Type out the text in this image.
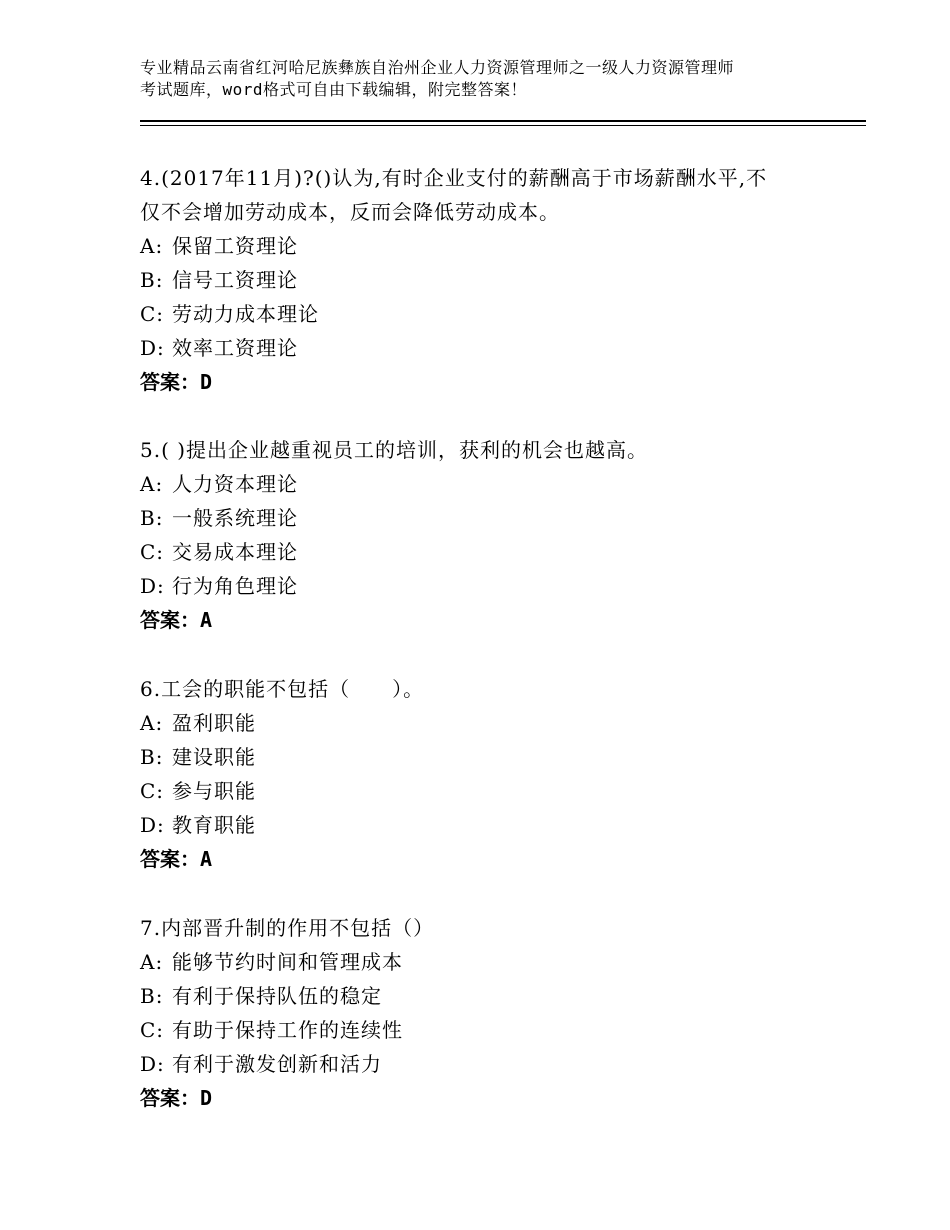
专业精品云南省红河哈尼族彝族自治州企业人力资源管理师之一级人力资源管理师
考试题库，word格式可自由下载编辑，附完整答案！
4.(2017年11月)?()认为,有时企业支付的薪酬高于市场薪酬水平,不
仅不会增加劳动成本，反而会降低劳动成本。
A: 保留工资理论
B: 信号工资理论
C: 劳动力成本理论
D: 效率工资理论
答案：D
5.( )提出企业越重视员工的培训，获利的机会也越高。
A: 人力资本理论
B: 一般系统理论
C: 交易成本理论
D: 行为角色理论
答案：A
6.工会的职能不包括（　　）。
A: 盈利职能
B: 建设职能
C: 参与职能
D: 教育职能
答案：A
7.内部晋升制的作用不包括（）
A: 能够节约时间和管理成本
B: 有利于保持队伍的稳定
C: 有助于保持工作的连续性
D: 有利于激发创新和活力
答案：D
